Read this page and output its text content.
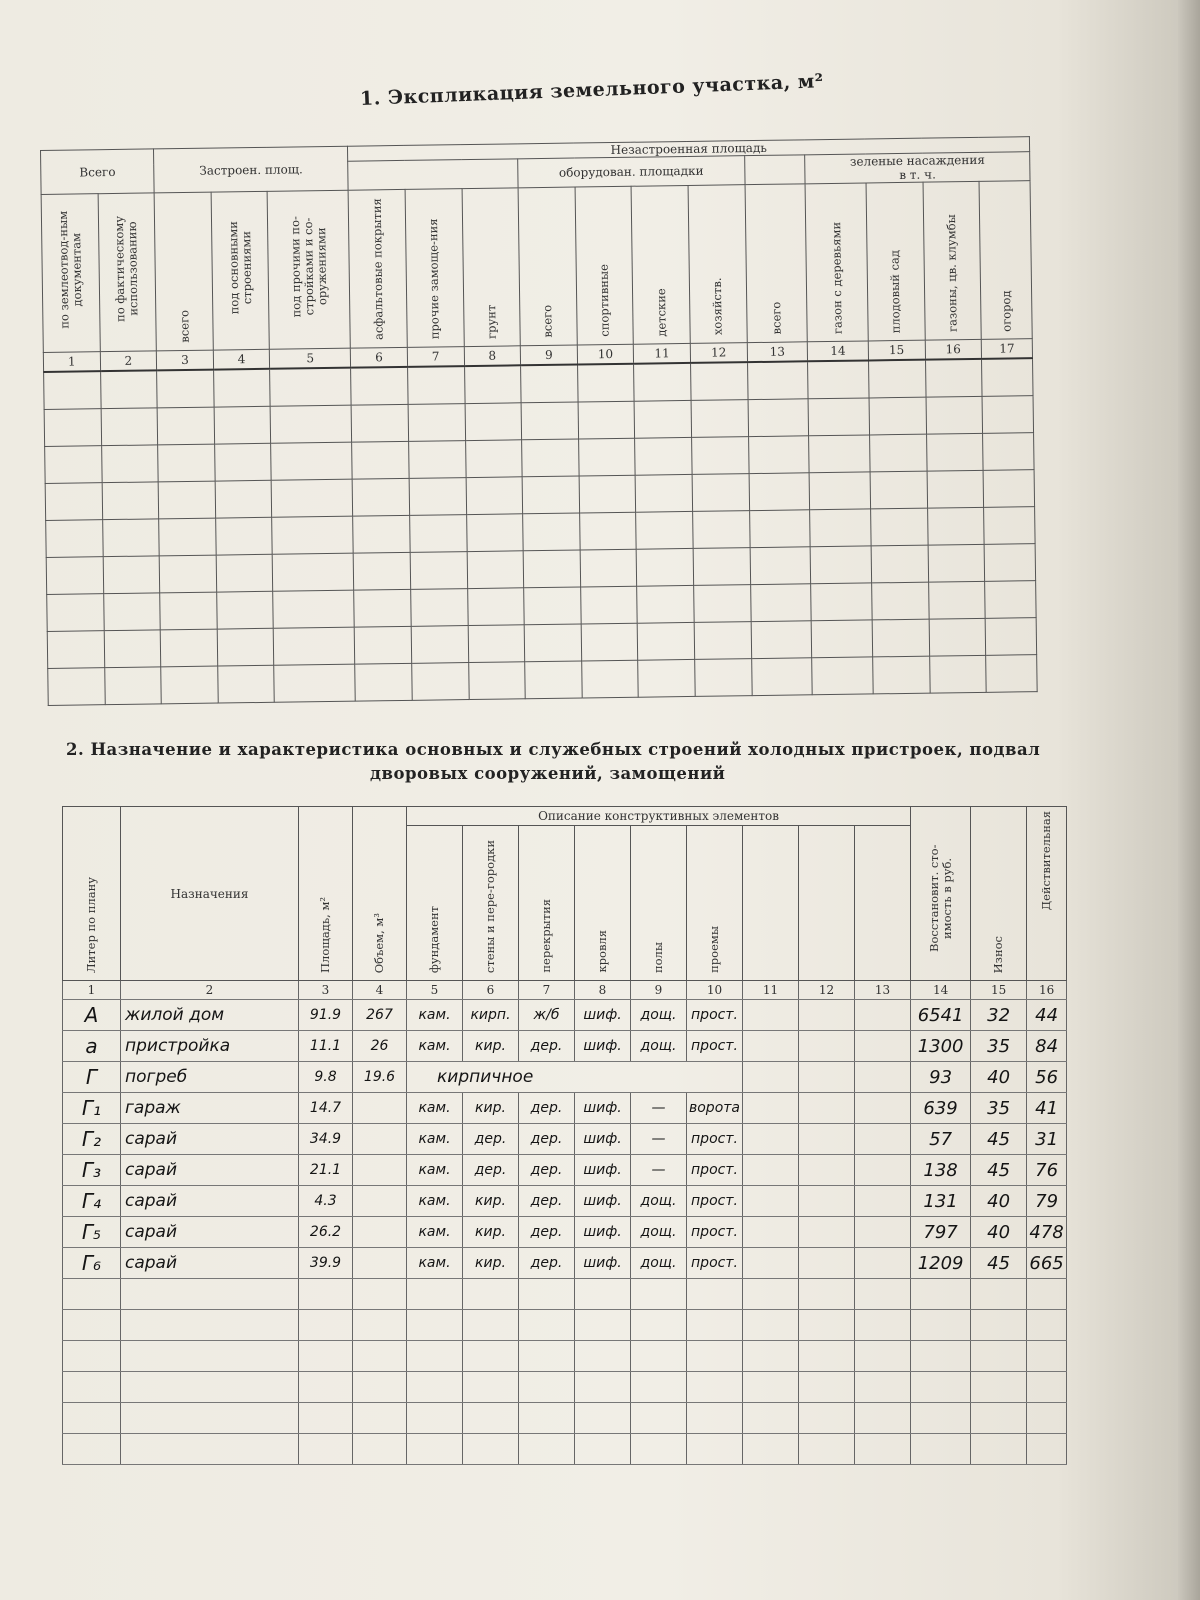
1. Экспликация земельного участка, м²
Всего		Застроен. площ.			Незастроенная площадь											
								оборудован. площадки					зеленые насаждения
в т. ч.			
по землеотвод-ным документам	по фактическому использованию	всего	под основными строениями	под прочими по-стройками и со-оружениями	асфальтовые покрытия	прочие замоще-ния	грунт	всего	спортивные	детские	хозяйств.	всего	газон с деревьями	плодовый сад	газоны, цв. клумбы	огород
1	2	3	4	5	6	7	8	9	10	11	12	13	14	15	16	17

2. Назначение и характеристика основных и служебных строений холодных пристроек, подвал
дворовых сооружений, замощений
Литер по плану	Назначения	Площадь, м²	Объем, м³	Описание конструктивных элементов									Восстановит. сто-имость в руб.	Износ	Действительная
				фундамент	стены и пере-городки	перекрытия	кровля	полы	проемы						
1	2	3	4	5	6	7	8	9	10	11	12	13	14	15	16
А	жилой дом	91.9	267	кам.	кирп.	ж/б	шиф.	дощ.	прост.				6541	32	44
а	пристройка	11.1	26	кам.	кир.	дер.	шиф.	дощ.	прост.				1300	35	84
Г	погреб	9.8	19.6	кирпичное									93	40	56
Г₁	гараж	14.7		кам.	кир.	дер.	шиф.	—	ворота				639	35	41
Г₂	сарай	34.9		кам.	дер.	дер.	шиф.	—	прост.				57	45	31
Г₃	сарай	21.1		кам.	дер.	дер.	шиф.	—	прост.				138	45	76
Г₄	сарай	4.3		кам.	кир.	дер.	шиф.	дощ.	прост.				131	40	79
Г₅	сарай	26.2		кам.	кир.	дер.	шиф.	дощ.	прост.				797	40	478
Г₆	сарай	39.9		кам.	кир.	дер.	шиф.	дощ.	прост.				1209	45	665
